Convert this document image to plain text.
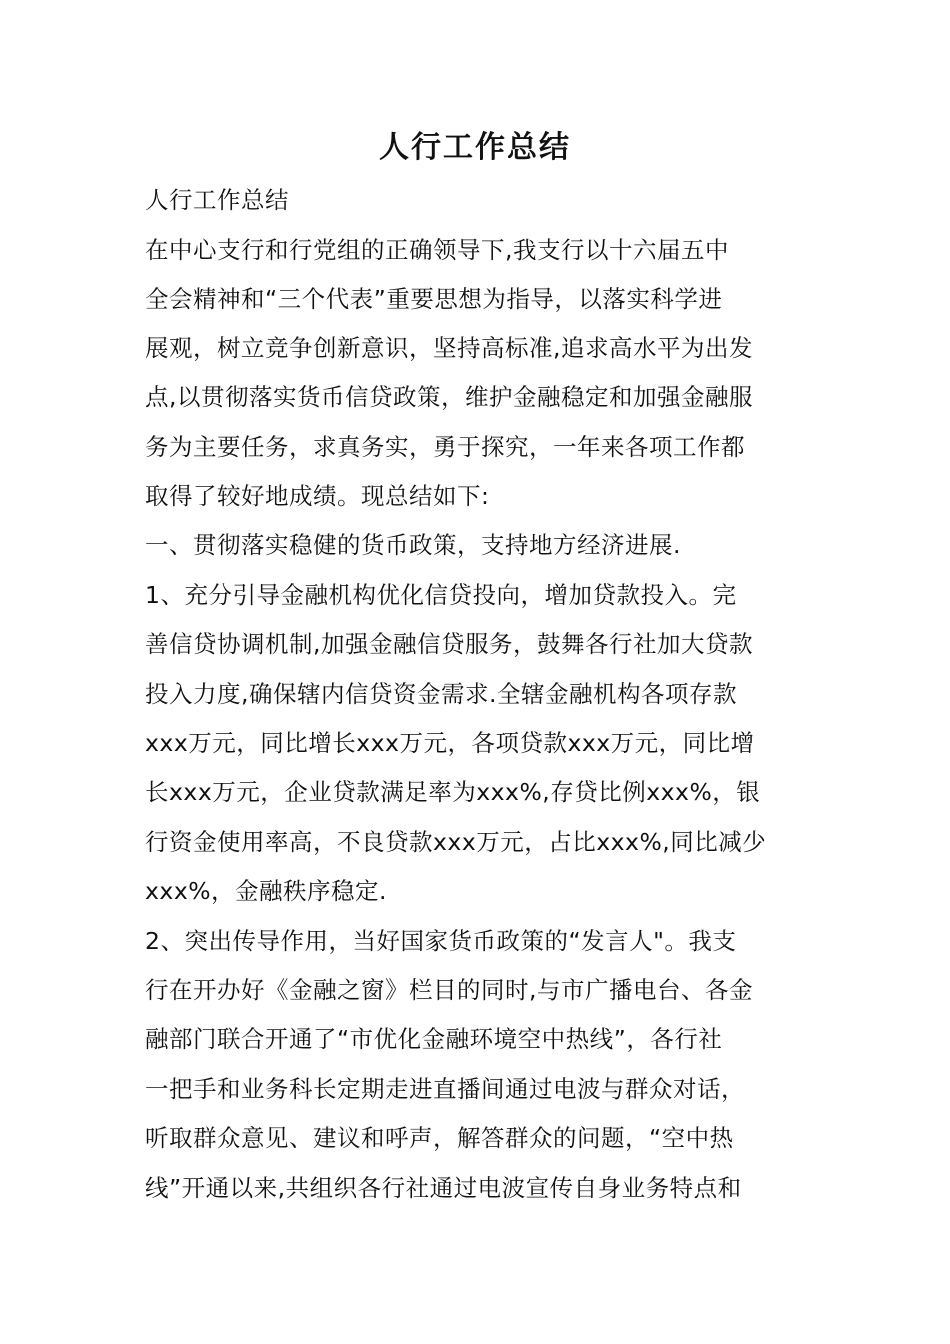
人行工作总结
人行工作总结
在中心支行和行党组的正确领导下,我支行以十六届五中
全会精神和“三个代表”重要思想为指导，以落实科学进
展观，树立竞争创新意识，坚持高标准,追求高水平为出发
点,以贯彻落实货币信贷政策，维护金融稳定和加强金融服
务为主要任务，求真务实，勇于探究，一年来各项工作都
取得了较好地成绩。现总结如下:
一、贯彻落实稳健的货币政策，支持地方经济进展.
1、充分引导金融机构优化信贷投向，增加贷款投入。完
善信贷协调机制,加强金融信贷服务，鼓舞各行社加大贷款
投入力度,确保辖内信贷资金需求.全辖金融机构各项存款
xxx万元，同比增长xxx万元，各项贷款xxx万元，同比增
长xxx万元，企业贷款满足率为xxx%,存贷比例xxx%，银
行资金使用率高，不良贷款xxx万元，占比xxx%,同比减少
xxx%，金融秩序稳定.
2、突出传导作用，当好国家货币政策的“发言人"。我支
行在开办好《金融之窗》栏目的同时,与市广播电台、各金
融部门联合开通了“市优化金融环境空中热线”，各行社
一把手和业务科长定期走进直播间通过电波与群众对话，
听取群众意见、建议和呼声，解答群众的问题，“空中热
线”开通以来,共组织各行社通过电波宣传自身业务特点和
